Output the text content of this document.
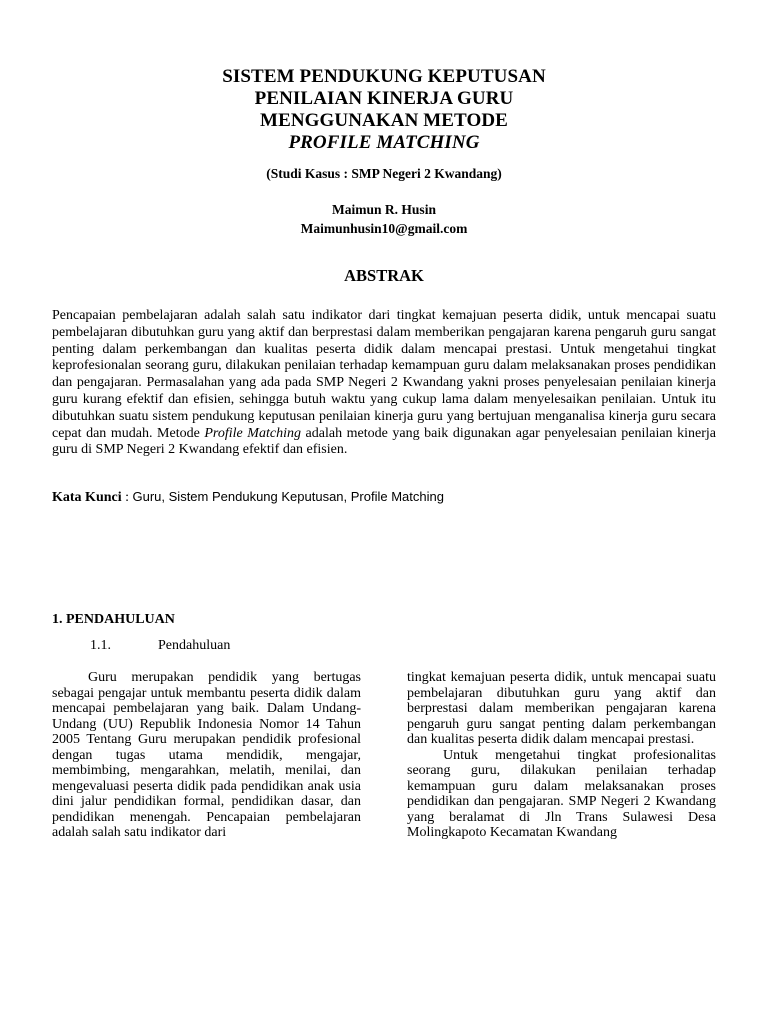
SISTEM PENDUKUNG KEPUTUSAN
PENILAIAN KINERJA GURU
MENGGUNAKAN METODE
PROFILE MATCHING
(Studi Kasus : SMP Negeri 2 Kwandang)
Maimun R. Husin
Maimunhusin10@gmail.com
ABSTRAK
Pencapaian pembelajaran adalah salah satu indikator dari tingkat kemajuan peserta didik, untuk mencapai suatu pembelajaran dibutuhkan guru yang aktif dan berprestasi dalam memberikan pengajaran karena pengaruh guru sangat penting dalam perkembangan dan kualitas peserta didik dalam mencapai prestasi. Untuk mengetahui tingkat keprofesionalan seorang guru, dilakukan penilaian terhadap kemampuan guru dalam melaksanakan proses pendidikan dan pengajaran. Permasalahan yang ada pada SMP Negeri 2 Kwandang yakni proses penyelesaian penilaian kinerja guru kurang efektif dan efisien, sehingga butuh waktu yang cukup lama dalam menyelesaikan penilaian. Untuk itu dibutuhkan suatu sistem pendukung keputusan penilaian kinerja guru yang bertujuan menganalisa kinerja guru secara cepat dan mudah. Metode Profile Matching adalah metode yang baik digunakan agar penyelesaian penilaian kinerja guru di SMP Negeri 2 Kwandang efektif dan efisien.
Kata Kunci : Guru, Sistem Pendukung Keputusan, Profile Matching
1. PENDAHULUAN
1.1.	Pendahuluan

Guru merupakan pendidik yang bertugas sebagai pengajar untuk membantu peserta didik dalam mencapai pembelajaran yang baik. Dalam Undang-Undang (UU) Republik Indonesia Nomor 14 Tahun 2005 Tentang Guru merupakan pendidik profesional dengan tugas utama mendidik, mengajar, membimbing, mengarahkan, melatih, menilai, dan mengevaluasi peserta didik pada pendidikan anak usia dini jalur pendidikan formal, pendidikan dasar, dan pendidikan menengah. Pencapaian pembelajaran adalah salah satu indikator dari

tingkat kemajuan peserta didik, untuk mencapai suatu pembelajaran dibutuhkan guru yang aktif dan berprestasi dalam memberikan pengajaran karena pengaruh guru sangat penting dalam perkembangan dan kualitas peserta didik dalam mencapai prestasi.

Untuk mengetahui tingkat profesionalitas seorang guru, dilakukan penilaian terhadap kemampuan guru dalam melaksanakan proses pendidikan dan pengajaran. SMP Negeri 2 Kwandang yang beralamat di Jln Trans Sulawesi Desa Molingkapoto Kecamatan Kwandang
